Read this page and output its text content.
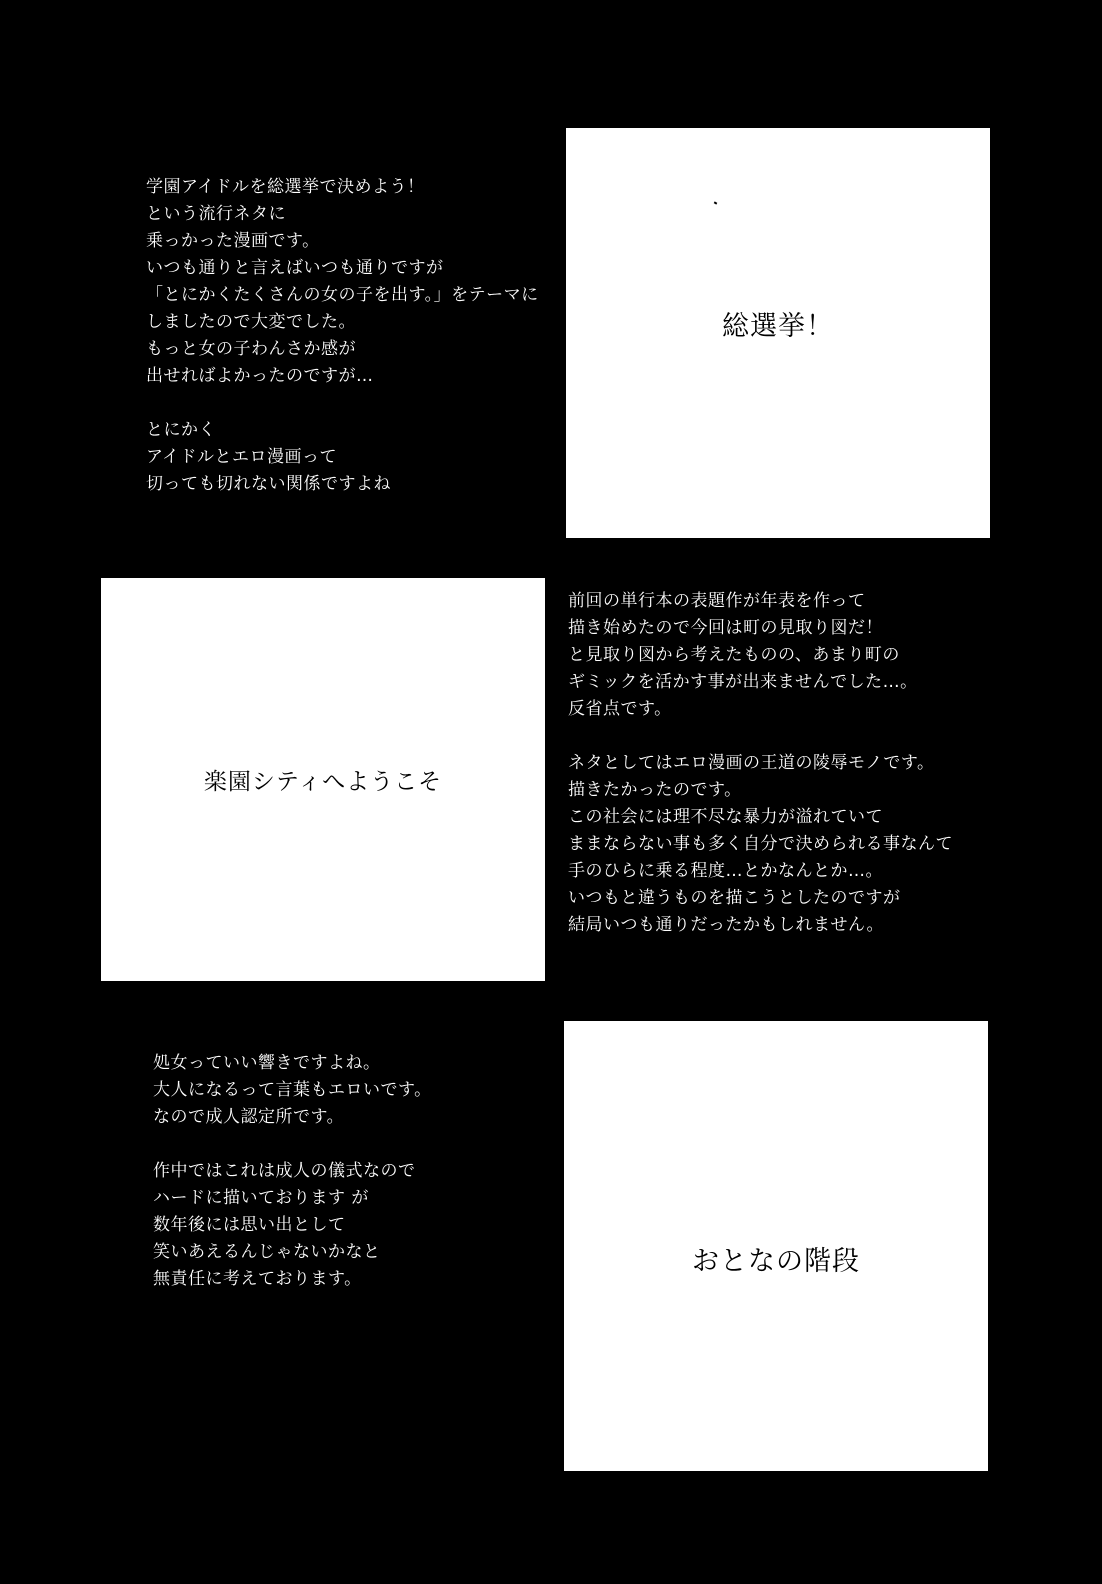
学園アイドルを総選挙で決めよう！
という流行ネタに
乗っかった漫画です。
いつも通りと言えばいつも通りですが
「とにかくたくさんの女の子を出す。」をテーマに
しましたので大変でした。
もっと女の子わんさか感が
出せればよかったのですが…
とにかく
アイドルとエロ漫画って
切っても切れない関係ですよね
総選挙！
楽園シティへようこそ
前回の単行本の表題作が年表を作って
描き始めたので今回は町の見取り図だ！
と見取り図から考えたものの、あまり町の
ギミックを活かす事が出来ませんでした…。
反省点です。
ネタとしてはエロ漫画の王道の陵辱モノです。
描きたかったのです。
この社会には理不尽な暴力が溢れていて
ままならない事も多く自分で決められる事なんて
手のひらに乗る程度…とかなんとか…。
いつもと違うものを描こうとしたのですが
結局いつも通りだったかもしれません。
処女っていい響きですよね。
大人になるって言葉もエロいです。
なので成人認定所です。
作中ではこれは成人の儀式なので
ハードに描いております が
数年後には思い出として
笑いあえるんじゃないかなと
無責任に考えております。
おとなの階段
